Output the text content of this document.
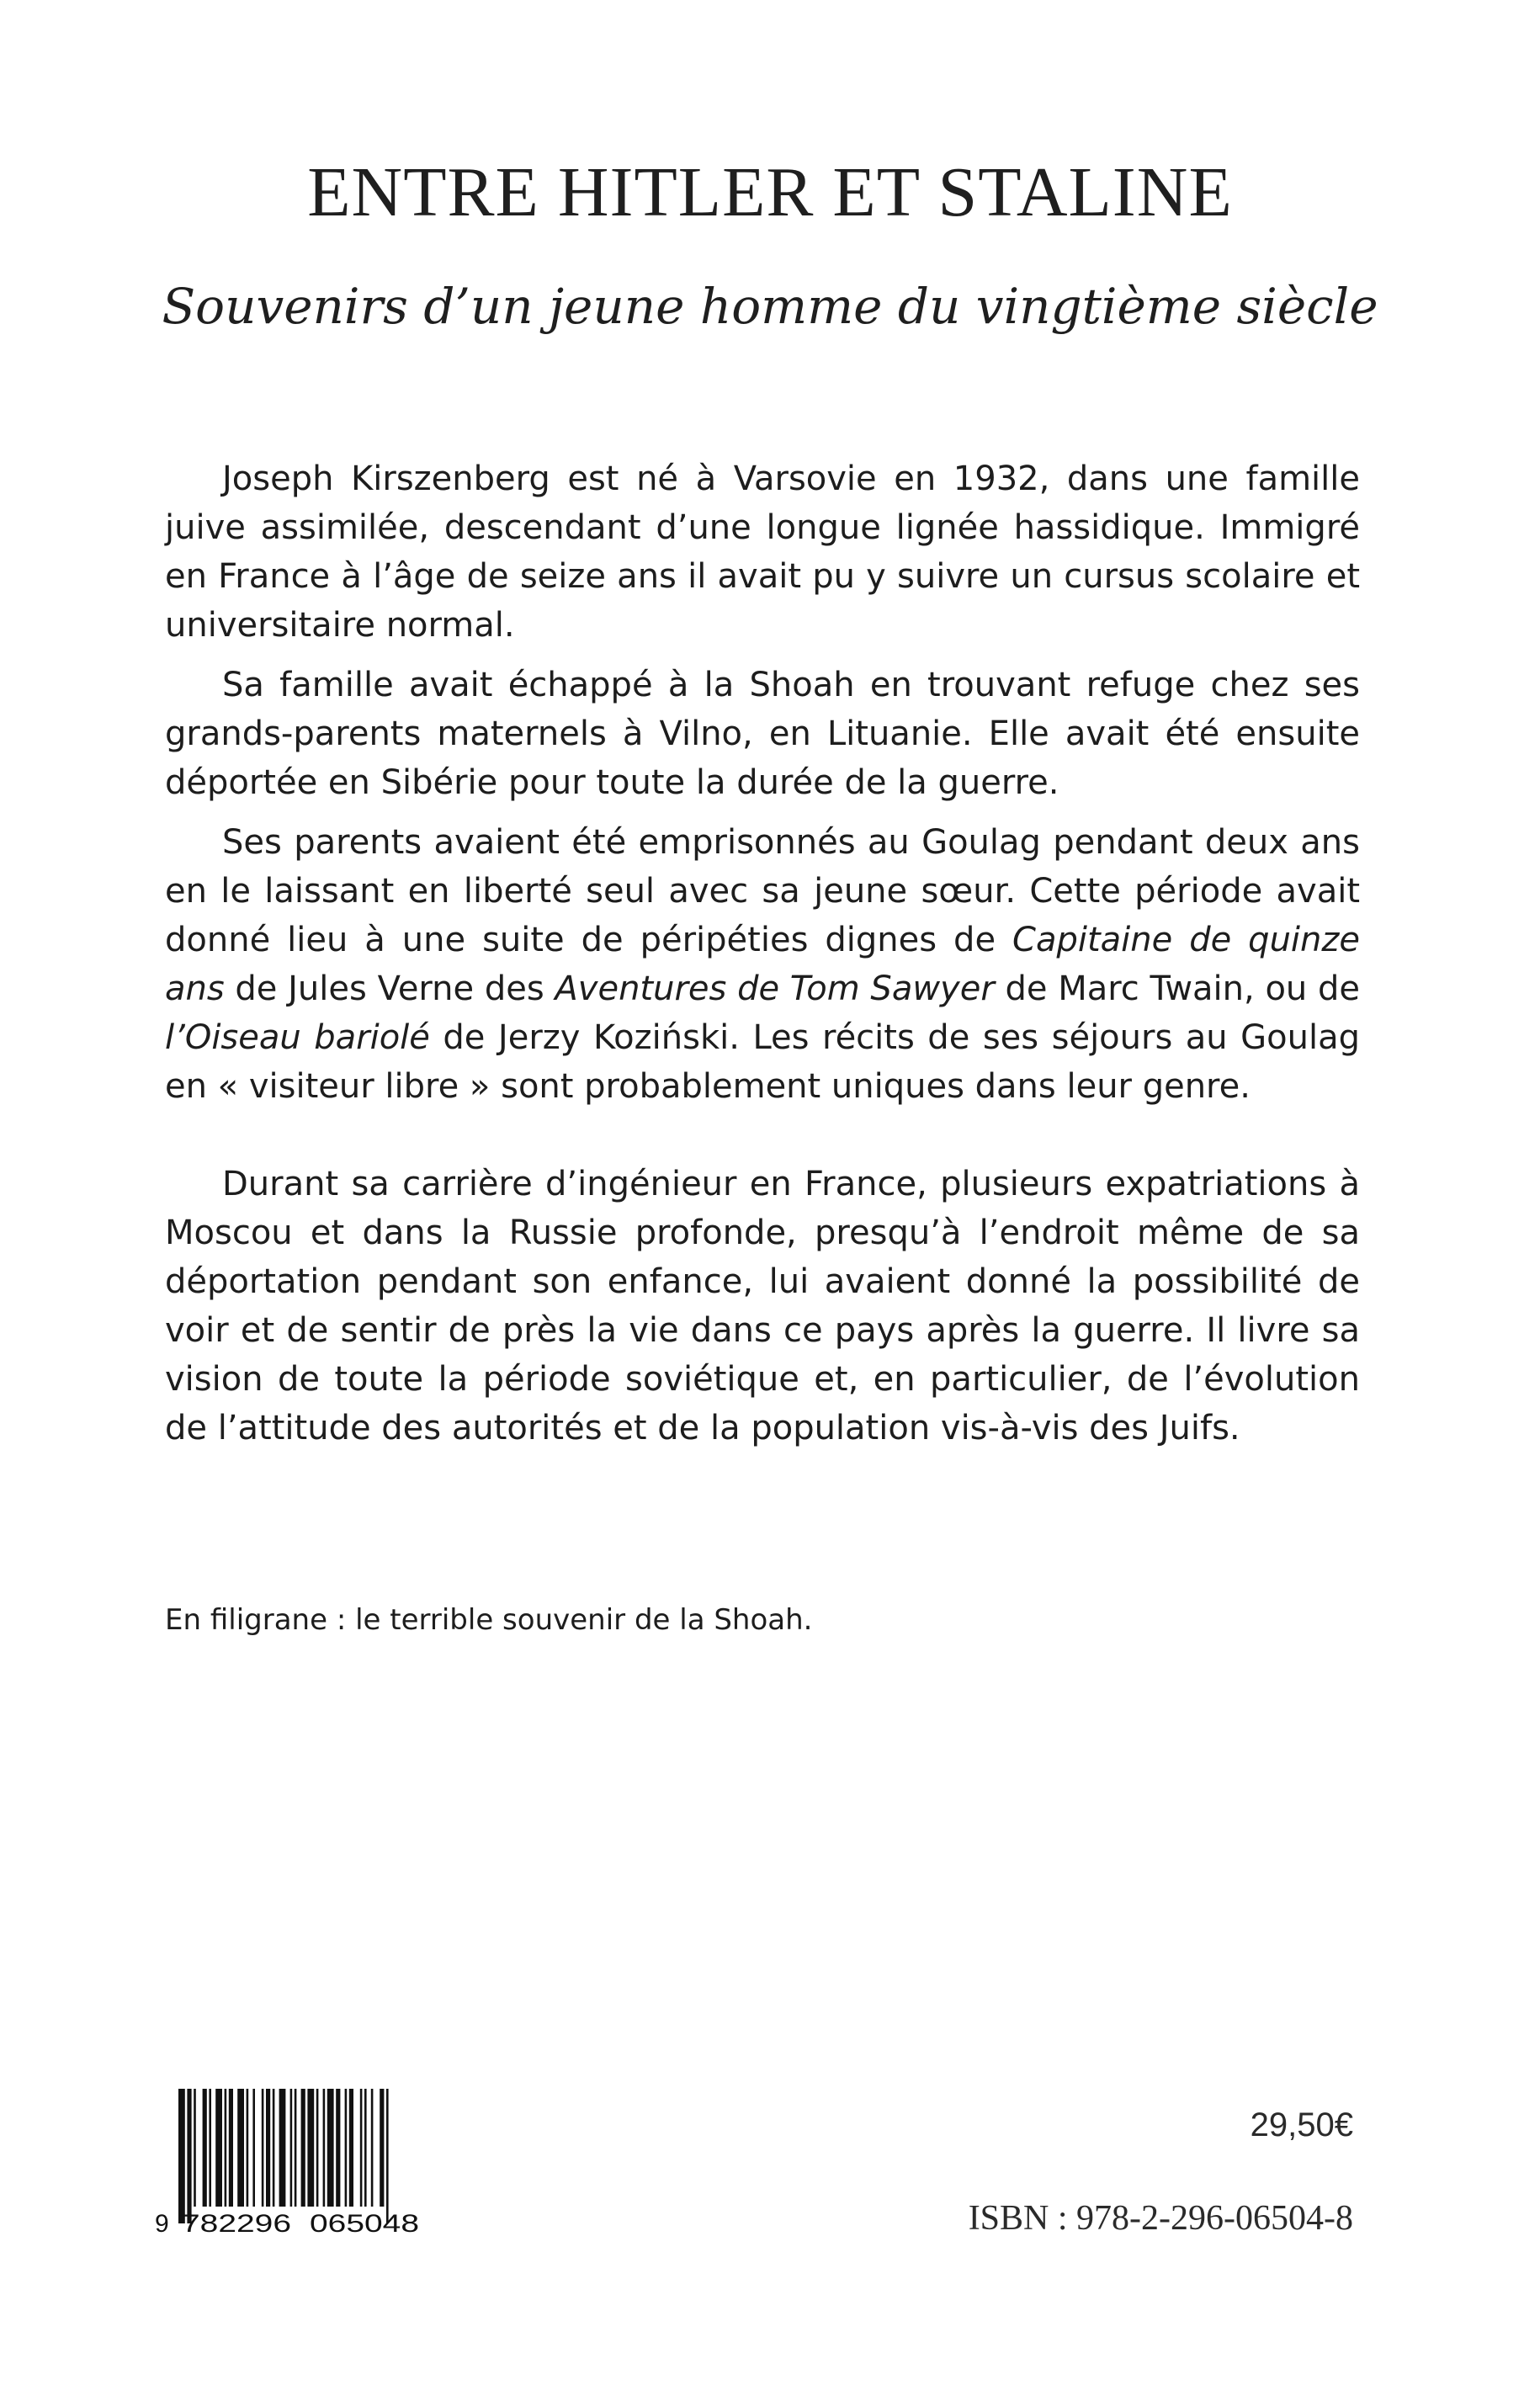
ENTRE HITLER ET STALINE

Souvenirs d’un jeune homme du vingtième siècle

Joseph Kirszenberg est né à Varsovie en 1932, dans une famille juive assimilée, descendant d’une longue lignée hassidique. Immigré en France à l’âge de seize ans il avait pu y suivre un cursus scolaire et universitaire normal.

Sa famille avait échappé à la Shoah en trouvant refuge chez ses grands-parents maternels à Vilno, en Lituanie. Elle avait été ensuite déportée en Sibérie pour toute la durée de la guerre.

Ses parents avaient été emprisonnés au Goulag pendant deux ans en le laissant en liberté seul avec sa jeune sœur. Cette période avait donné lieu à une suite de péripéties dignes de Capitaine de quinze ans de Jules Verne des Aventures de Tom Sawyer de Marc Twain, ou de l’Oiseau bariolé de Jerzy Koziński. Les récits de ses séjours au Goulag en « visiteur libre » sont probablement uniques dans leur genre.

Durant sa carrière d’ingénieur en France, plusieurs expatriations à Moscou et dans la Russie profonde, presqu’à l’endroit même de sa déportation pendant son enfance, lui avaient donné la possibilité de voir et de sentir de près la vie dans ce pays après la guerre. Il livre sa vision de toute la période soviétique et, en particulier, de l’évolution de l’attitude des autorités et de la population vis-à-vis des Juifs.

En filigrane : le terrible souvenir de la Shoah.

9 782296 065048

29,50€

ISBN : 978-2-296-06504-8
